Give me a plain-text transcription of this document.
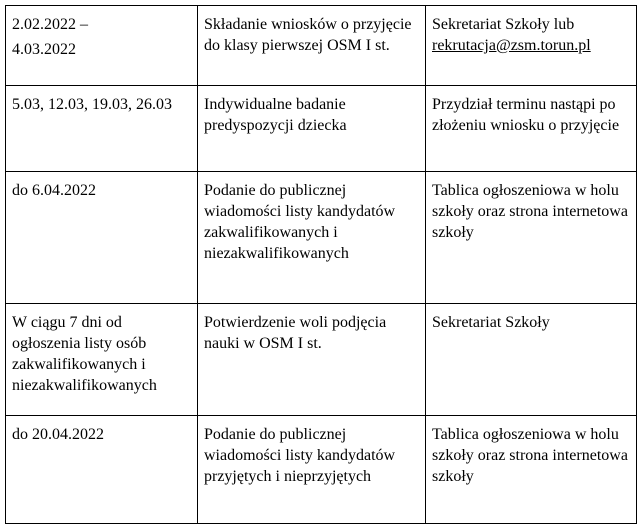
2.02.2022 –
4.03.2022	Składanie wniosków o przyjęcie do klasy pierwszej OSM I st.	Sekretariat Szkoły lub
rekrutacja@zsm.torun.pl
5.03, 12.03, 19.03, 26.03	Indywidualne badanie predyspozycji dziecka	Przydział terminu nastąpi po złożeniu wniosku o przyjęcie
do 6.04.2022	Podanie do publicznej wiadomości listy kandydatów zakwalifikowanych i niezakwalifikowanych	Tablica ogłoszeniowa w holu szkoły oraz strona internetowa szkoły
W ciągu 7 dni od ogłoszenia listy osób zakwalifikowanych i niezakwalifikowanych	Potwierdzenie woli podjęcia nauki w OSM I st.	Sekretariat Szkoły
do 20.04.2022	Podanie do publicznej wiadomości listy kandydatów przyjętych i nieprzyjętych	Tablica ogłoszeniowa w holu szkoły oraz strona internetowa szkoły
